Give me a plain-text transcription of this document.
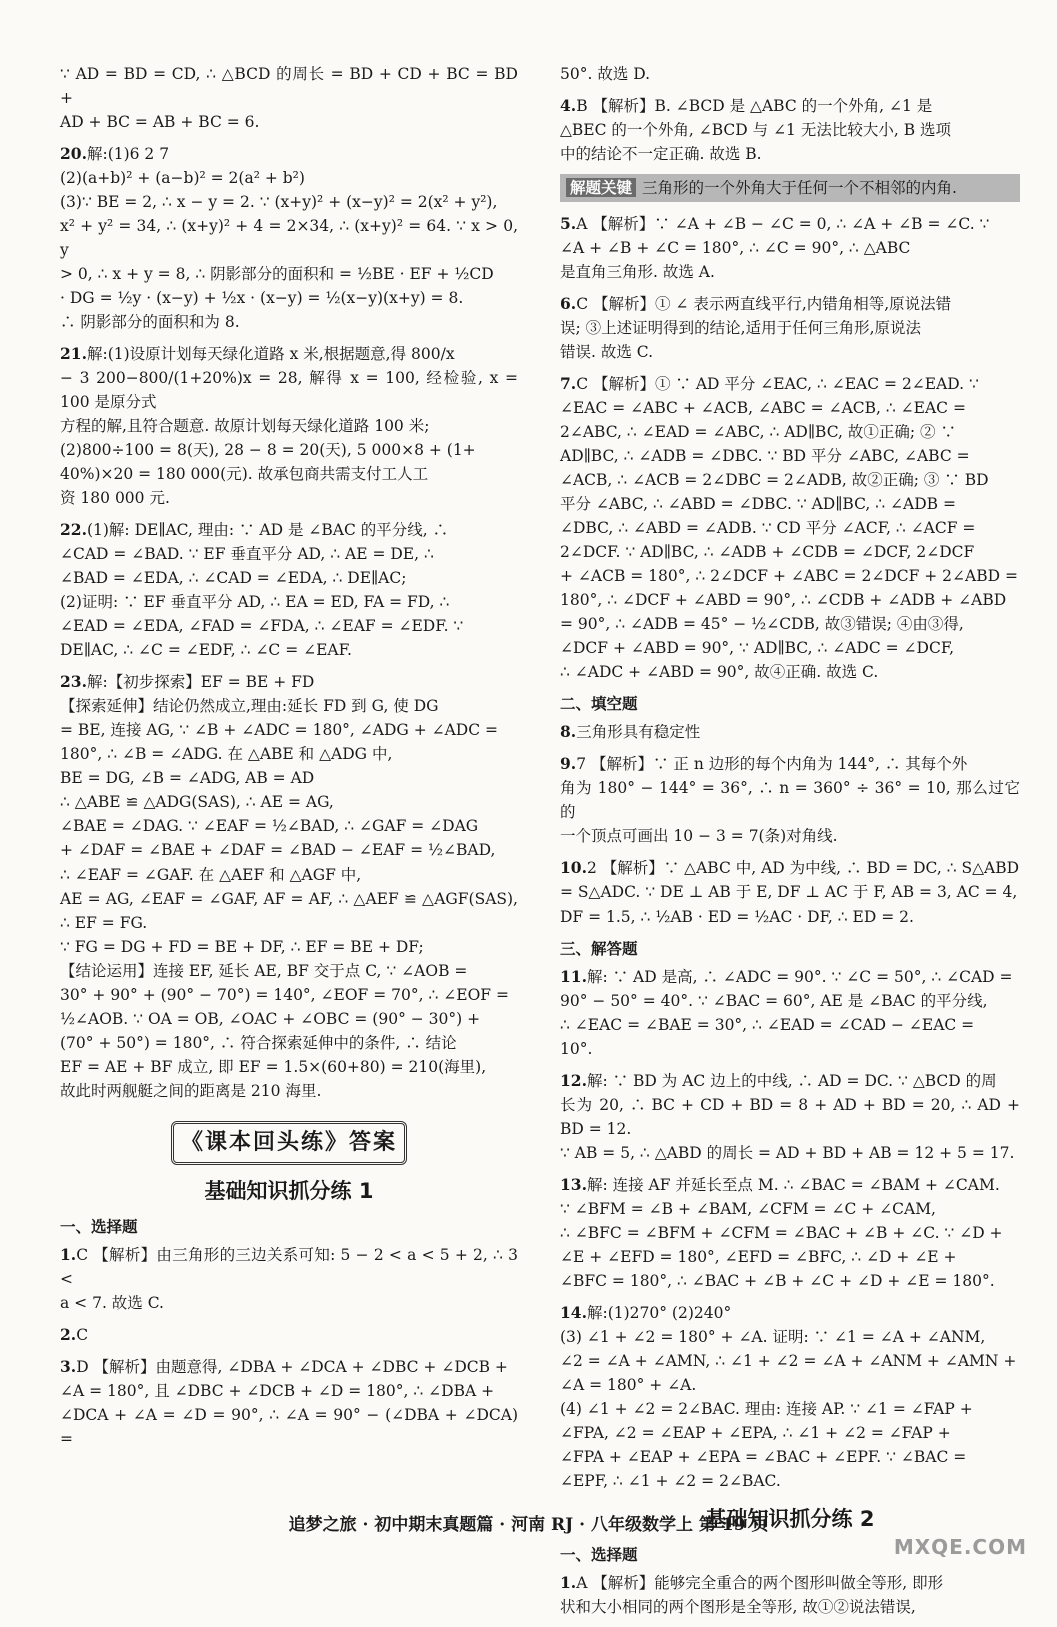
∵ AD = BD = CD, ∴ △BCD 的周长 = BD + CD + BC = BD +
AD + BC = AB + BC = 6.
20.解:(1)6 2 7
(2)(a+b)² + (a−b)² = 2(a² + b²)
(3)∵ BE = 2, ∴ x − y = 2. ∵ (x+y)² + (x−y)² = 2(x² + y²),
x² + y² = 34, ∴ (x+y)² + 4 = 2×34, ∴ (x+y)² = 64. ∵ x > 0, y
> 0, ∴ x + y = 8, ∴ 阴影部分的面积和 = ½BE · EF + ½CD
· DG = ½y · (x−y) + ½x · (x−y) = ½(x−y)(x+y) = 8.
∴ 阴影部分的面积和为 8.
21.解:(1)设原计划每天绿化道路 x 米,根据题意,得 800/x
− 3 200−800/(1+20%)x = 28, 解得 x = 100, 经检验, x = 100 是原分式
方程的解,且符合题意. 故原计划每天绿化道路 100 米;
(2)800÷100 = 8(天), 28 − 8 = 20(天), 5 000×8 + (1+
40%)×20 = 180 000(元). 故承包商共需支付工人工
资 180 000 元.
22.(1)解: DE∥AC, 理由: ∵ AD 是 ∠BAC 的平分线, ∴
∠CAD = ∠BAD. ∵ EF 垂直平分 AD, ∴ AE = DE, ∴
∠BAD = ∠EDA, ∴ ∠CAD = ∠EDA, ∴ DE∥AC;
(2)证明: ∵ EF 垂直平分 AD, ∴ EA = ED, FA = FD, ∴
∠EAD = ∠EDA, ∠FAD = ∠FDA, ∴ ∠EAF = ∠EDF. ∵
DE∥AC, ∴ ∠C = ∠EDF, ∴ ∠C = ∠EAF.
23.解:【初步探索】EF = BE + FD
【探索延伸】结论仍然成立,理由:延长 FD 到 G, 使 DG
= BE, 连接 AG, ∵ ∠B + ∠ADC = 180°, ∠ADG + ∠ADC =
180°, ∴ ∠B = ∠ADG. 在 △ABE 和 △ADG 中,
BE = DG, ∠B = ∠ADG, AB = AD
∴ △ABE ≌ △ADG(SAS), ∴ AE = AG,
∠BAE = ∠DAG. ∵ ∠EAF = ½∠BAD, ∴ ∠GAF = ∠DAG
+ ∠DAF = ∠BAE + ∠DAF = ∠BAD − ∠EAF = ½∠BAD,
∴ ∠EAF = ∠GAF. 在 △AEF 和 △AGF 中,
AE = AG, ∠EAF = ∠GAF, AF = AF, ∴ △AEF ≌ △AGF(SAS), ∴ EF = FG.
∵ FG = DG + FD = BE + DF, ∴ EF = BE + DF;
【结论运用】连接 EF, 延长 AE, BF 交于点 C, ∵ ∠AOB =
30° + 90° + (90° − 70°) = 140°, ∠EOF = 70°, ∴ ∠EOF =
½∠AOB. ∵ OA = OB, ∠OAC + ∠OBC = (90° − 30°) +
(70° + 50°) = 180°, ∴ 符合探索延伸中的条件, ∴ 结论
EF = AE + BF 成立, 即 EF = 1.5×(60+80) = 210(海里),
故此时两舰艇之间的距离是 210 海里.
《课本回头练》答案
基础知识抓分练 1
一、选择题
1.C 【解析】由三角形的三边关系可知: 5 − 2 < a < 5 + 2, ∴ 3 <
a < 7. 故选 C.
2.C
3.D 【解析】由题意得, ∠DBA + ∠DCA + ∠DBC + ∠DCB +
∠A = 180°, 且 ∠DBC + ∠DCB + ∠D = 180°, ∴ ∠DBA +
∠DCA + ∠A = ∠D = 90°, ∴ ∠A = 90° − (∠DBA + ∠DCA) =
50°. 故选 D.
4.B 【解析】B. ∠BCD 是 △ABC 的一个外角, ∠1 是
△BEC 的一个外角, ∠BCD 与 ∠1 无法比较大小, B 选项
中的结论不一定正确. 故选 B.
解题关键 三角形的一个外角大于任何一个不相邻的内角.
5.A 【解析】∵ ∠A + ∠B − ∠C = 0, ∴ ∠A + ∠B = ∠C. ∵
∠A + ∠B + ∠C = 180°, ∴ ∠C = 90°, ∴ △ABC
是直角三角形. 故选 A.
6.C 【解析】① ∠ 表示两直线平行,内错角相等,原说法错
误; ③上述证明得到的结论,适用于任何三角形,原说法
错误. 故选 C.
7.C 【解析】① ∵ AD 平分 ∠EAC, ∴ ∠EAC = 2∠EAD. ∵
∠EAC = ∠ABC + ∠ACB, ∠ABC = ∠ACB, ∴ ∠EAC =
2∠ABC, ∴ ∠EAD = ∠ABC, ∴ AD∥BC, 故①正确; ② ∵
AD∥BC, ∴ ∠ADB = ∠DBC. ∵ BD 平分 ∠ABC, ∠ABC =
∠ACB, ∴ ∠ACB = 2∠DBC = 2∠ADB, 故②正确; ③ ∵ BD
平分 ∠ABC, ∴ ∠ABD = ∠DBC. ∵ AD∥BC, ∴ ∠ADB =
∠DBC, ∴ ∠ABD = ∠ADB. ∵ CD 平分 ∠ACF, ∴ ∠ACF =
2∠DCF. ∵ AD∥BC, ∴ ∠ADB + ∠CDB = ∠DCF, 2∠DCF
+ ∠ACB = 180°, ∴ 2∠DCF + ∠ABC = 2∠DCF + 2∠ABD =
180°, ∴ ∠DCF + ∠ABD = 90°, ∴ ∠CDB + ∠ADB + ∠ABD
= 90°, ∴ ∠ADB = 45° − ½∠CDB, 故③错误; ④由③得,
∠DCF + ∠ABD = 90°, ∵ AD∥BC, ∴ ∠ADC = ∠DCF,
∴ ∠ADC + ∠ABD = 90°, 故④正确. 故选 C.
二、填空题
8.三角形具有稳定性
9.7 【解析】∵ 正 n 边形的每个内角为 144°, ∴ 其每个外
角为 180° − 144° = 36°, ∴ n = 360° ÷ 36° = 10, 那么过它的
一个顶点可画出 10 − 3 = 7(条)对角线.
10.2 【解析】∵ △ABC 中, AD 为中线, ∴ BD = DC, ∴ S△ABD
= S△ADC. ∵ DE ⊥ AB 于 E, DF ⊥ AC 于 F, AB = 3, AC = 4,
DF = 1.5, ∴ ½AB · ED = ½AC · DF, ∴ ED = 2.
三、解答题
11.解: ∵ AD 是高, ∴ ∠ADC = 90°. ∵ ∠C = 50°, ∴ ∠CAD =
90° − 50° = 40°. ∵ ∠BAC = 60°, AE 是 ∠BAC 的平分线,
∴ ∠EAC = ∠BAE = 30°, ∴ ∠EAD = ∠CAD − ∠EAC =
10°.
12.解: ∵ BD 为 AC 边上的中线, ∴ AD = DC. ∵ △BCD 的周
长为 20, ∴ BC + CD + BD = 8 + AD + BD = 20, ∴ AD + BD = 12.
∵ AB = 5, ∴ △ABD 的周长 = AD + BD + AB = 12 + 5 = 17.
13.解: 连接 AF 并延长至点 M. ∴ ∠BAC = ∠BAM + ∠CAM.
∵ ∠BFM = ∠B + ∠BAM, ∠CFM = ∠C + ∠CAM,
∴ ∠BFC = ∠BFM + ∠CFM = ∠BAC + ∠B + ∠C. ∵ ∠D +
∠E + ∠EFD = 180°, ∠EFD = ∠BFC, ∴ ∠D + ∠E +
∠BFC = 180°, ∴ ∠BAC + ∠B + ∠C + ∠D + ∠E = 180°.
14.解:(1)270° (2)240°
(3) ∠1 + ∠2 = 180° + ∠A. 证明: ∵ ∠1 = ∠A + ∠ANM,
∠2 = ∠A + ∠AMN, ∴ ∠1 + ∠2 = ∠A + ∠ANM + ∠AMN +
∠A = 180° + ∠A.
(4) ∠1 + ∠2 = 2∠BAC. 理由: 连接 AP. ∵ ∠1 = ∠FAP +
∠FPA, ∠2 = ∠EAP + ∠EPA, ∴ ∠1 + ∠2 = ∠FAP +
∠FPA + ∠EAP + ∠EPA = ∠BAC + ∠EPF. ∵ ∠BAC =
∠EPF, ∴ ∠1 + ∠2 = 2∠BAC.
基础知识抓分练 2
一、选择题
1.A 【解析】能够完全重合的两个图形叫做全等形, 即形
状和大小相同的两个图形是全等形, 故①②说法错误,
追梦之旅 · 初中期末真题篇 · 河南 RJ · 八年级数学上 第 19 页
MXQE.COM
